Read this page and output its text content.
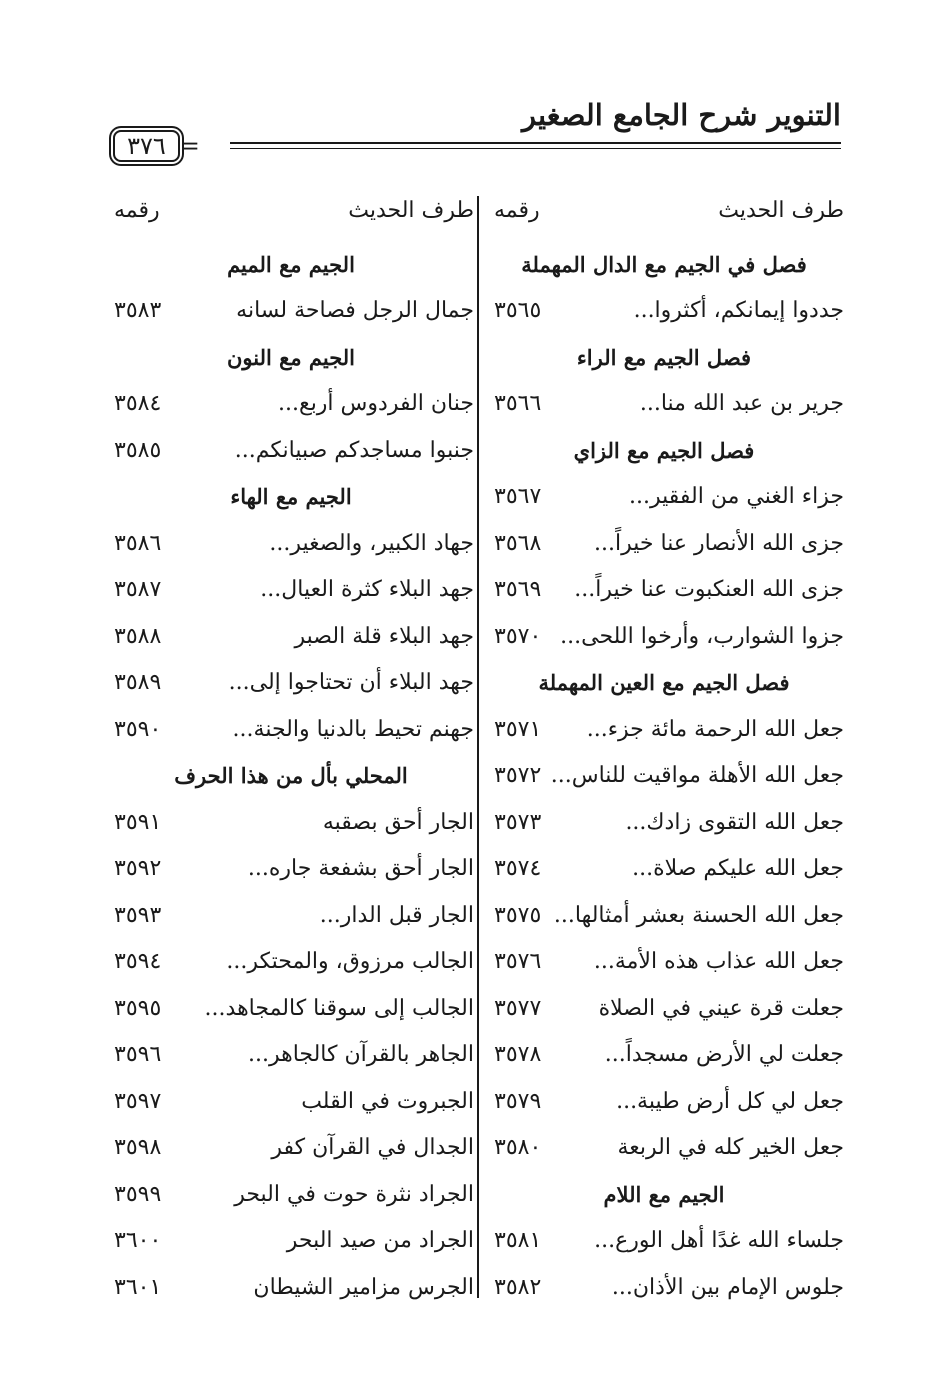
التنوير شرح الجامع الصغير
٣٧٦ =
طرف الحديث
رقمه
فصل في الجيم مع الدال المهملة
جددوا إيمانكم، أكثروا...
٣٥٦٥
فصل الجيم مع الراء
جرير بن عبد الله منا...
٣٥٦٦
فصل الجيم مع الزاي
جزاء الغني من الفقير...
٣٥٦٧
جزى الله الأنصار عنا خيراً...
٣٥٦٨
جزى الله العنكبوت عنا خيراً...
٣٥٦٩
جزوا الشوارب، وأرخوا اللحى...
٣٥٧٠
فصل الجيم مع العين المهملة
جعل الله الرحمة مائة جزء...
٣٥٧١
جعل الله الأهلة مواقيت للناس...
٣٥٧٢
جعل الله التقوى زادك...
٣٥٧٣
جعل الله عليكم صلاة...
٣٥٧٤
جعل الله الحسنة بعشر أمثالها...
٣٥٧٥
جعل الله عذاب هذه الأمة...
٣٥٧٦
جعلت قرة عيني في الصلاة
٣٥٧٧
جعلت لي الأرض مسجداً...
٣٥٧٨
جعل لي كل أرض طيبة...
٣٥٧٩
جعل الخير كله في الربعة
٣٥٨٠
الجيم مع اللام
جلساء الله غدًا أهل الورع...
٣٥٨١
جلوس الإمام بين الأذان...
٣٥٨٢
طرف الحديث
رقمه
الجيم مع الميم
جمال الرجل فصاحة لسانه
٣٥٨٣
الجيم مع النون
جنان الفردوس أربع...
٣٥٨٤
جنبوا مساجدكم صبيانكم...
٣٥٨٥
الجيم مع الهاء
جهاد الكبير، والصغير...
٣٥٨٦
جهد البلاء كثرة العيال...
٣٥٨٧
جهد البلاء قلة الصبر
٣٥٨٨
جهد البلاء أن تحتاجوا إلى...
٣٥٨٩
جهنم تحيط بالدنيا والجنة...
٣٥٩٠
المحلي بأل من هذا الحرف
الجار أحق بصقبه
٣٥٩١
الجار أحق بشفعة جاره...
٣٥٩٢
الجار قبل الدار...
٣٥٩٣
الجالب مرزوق، والمحتكر...
٣٥٩٤
الجالب إلى سوقنا كالمجاهد...
٣٥٩٥
الجاهر بالقرآن كالجاهر...
٣٥٩٦
الجبروت في القلب
٣٥٩٧
الجدال في القرآن كفر
٣٥٩٨
الجراد نثرة حوت في البحر
٣٥٩٩
الجراد من صيد البحر
٣٦٠٠
الجرس مزامير الشيطان
٣٦٠١
